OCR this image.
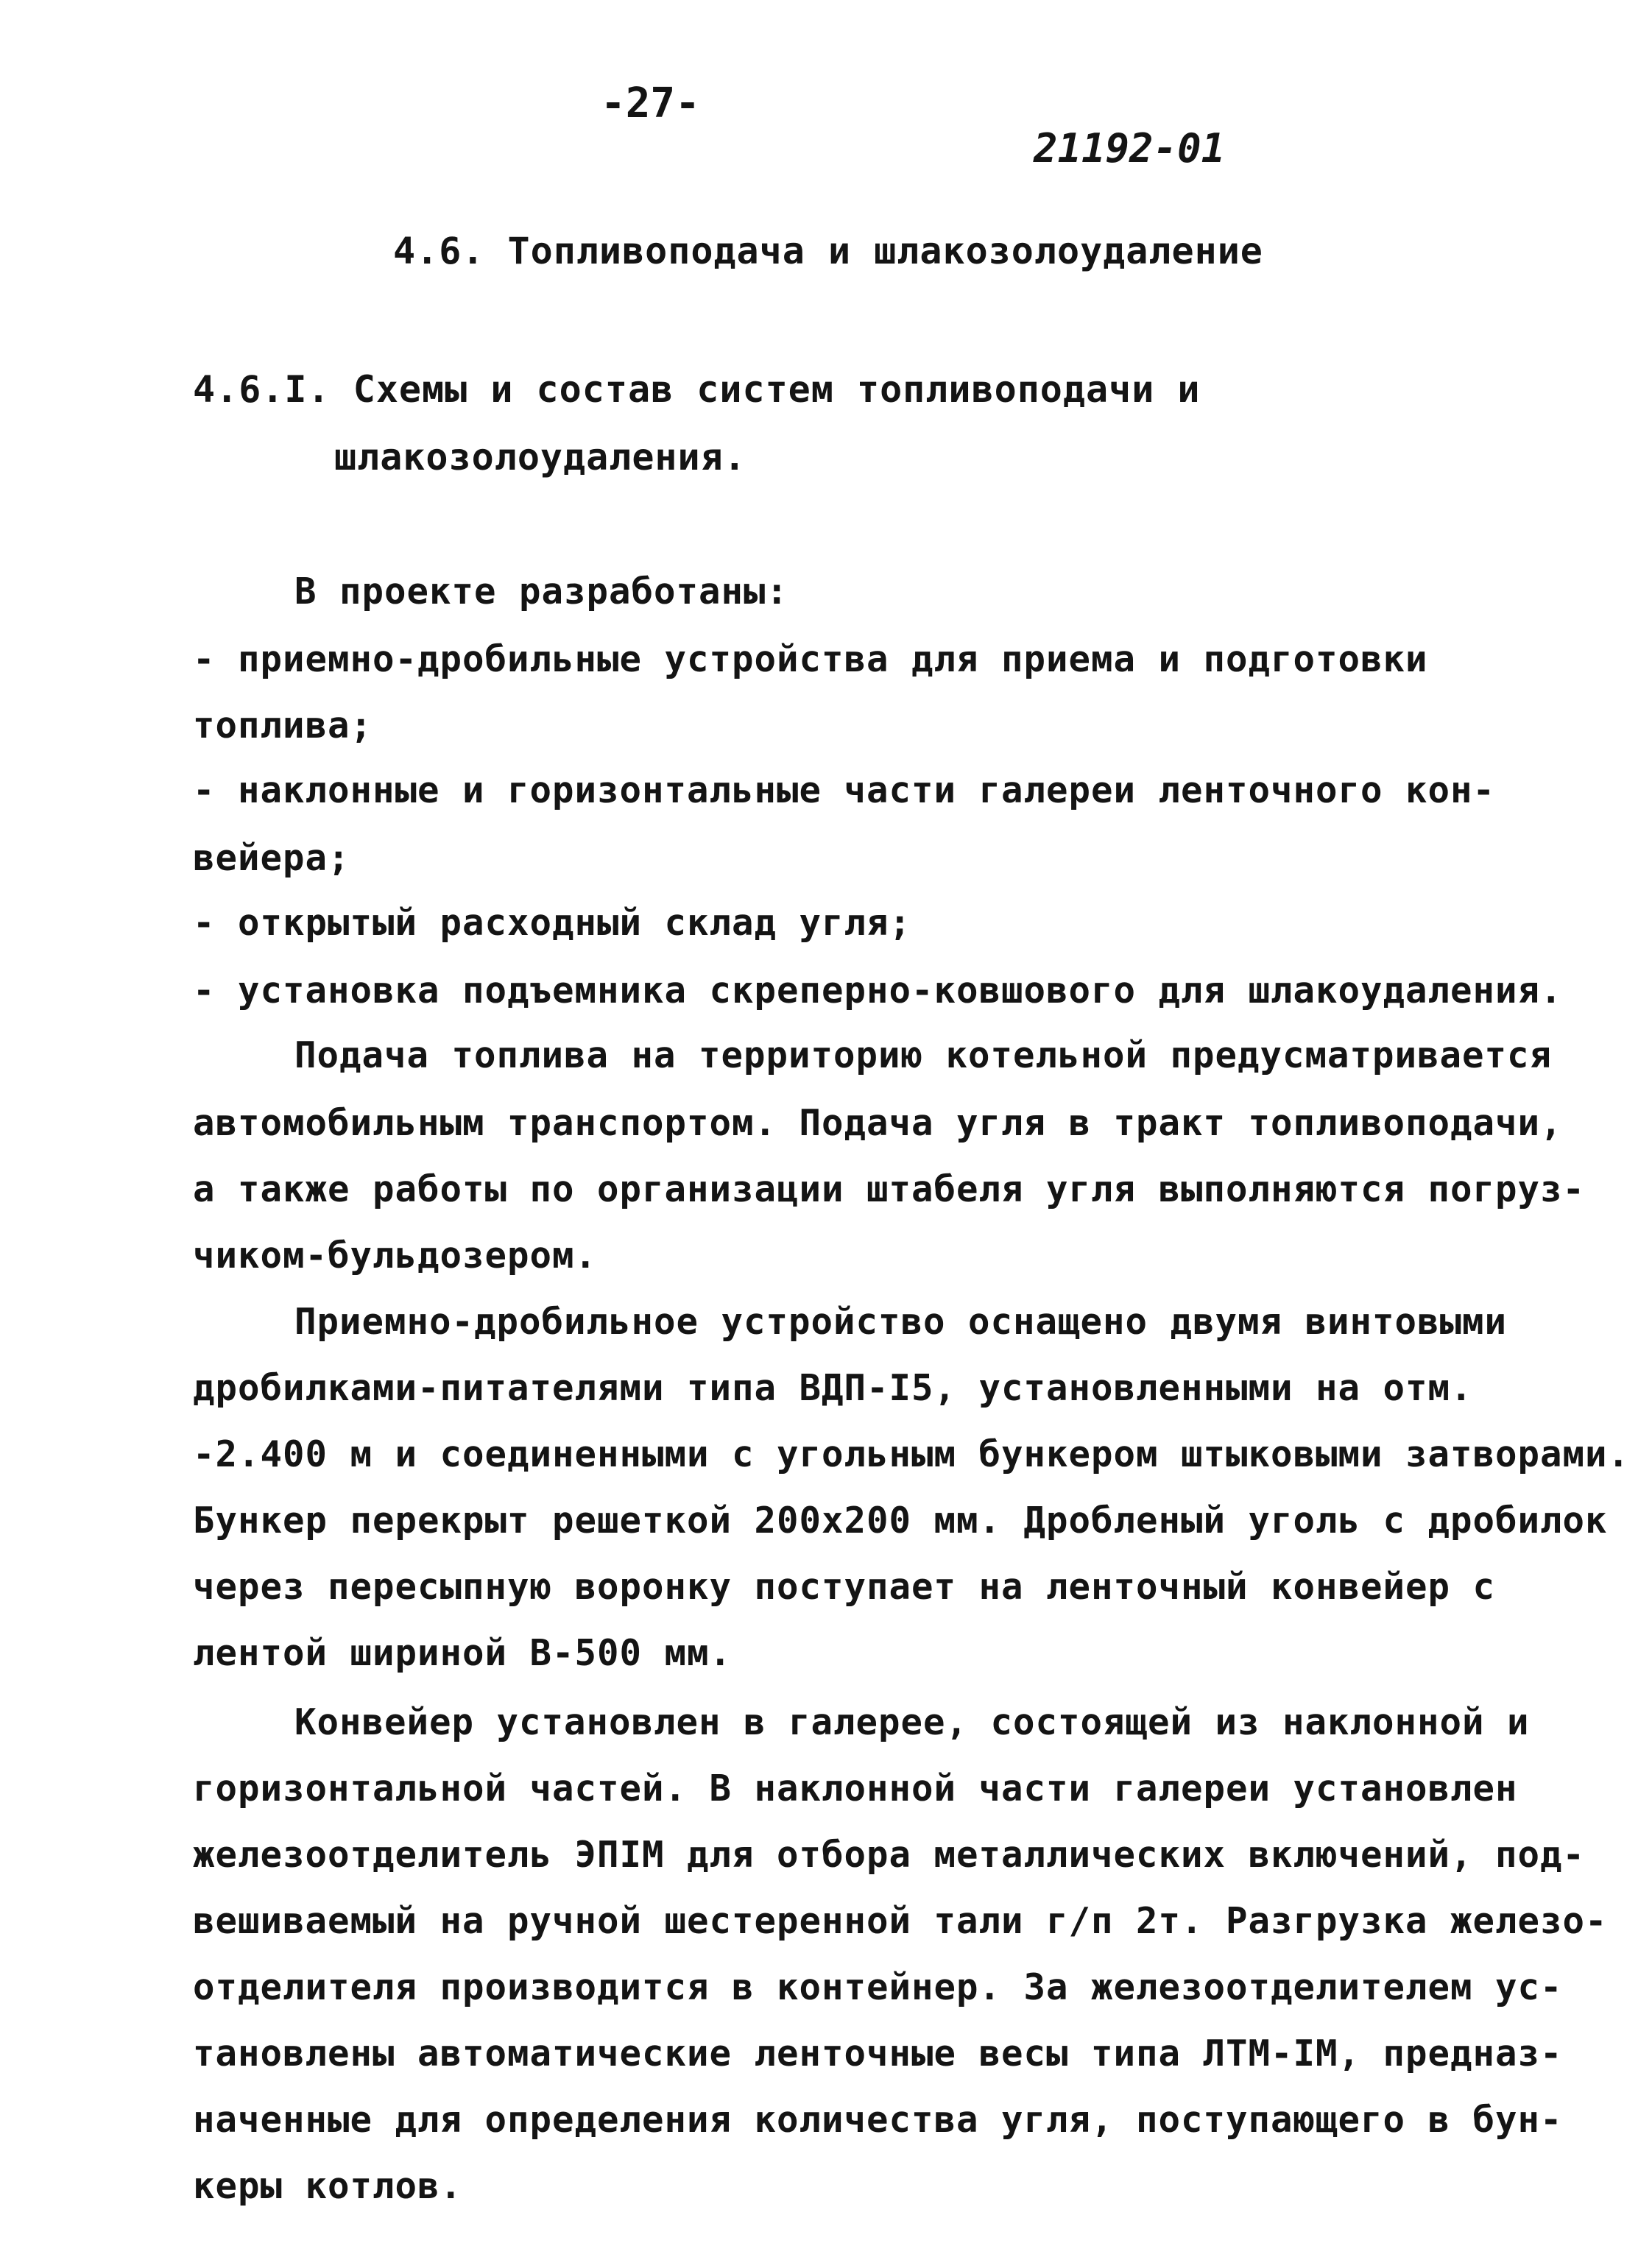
-27-
21192-01
4.6. Топливоподача и шлакозолоудаление
4.6.I. Схемы и состав систем топливоподачи и
шлакозолоудаления.
В проекте разработаны:
- приемно-дробильные устройства для приема и подготовки
топлива;
- наклонные и горизонтальные части галереи ленточного кон-
вейера;
- открытый расходный склад угля;
- установка подъемника скреперно-ковшового для шлакоудаления.
Подача топлива на территорию котельной предусматривается
автомобильным транспортом. Подача угля в тракт топливоподачи,
а также работы по организации штабеля угля выполняются погруз-
чиком-бульдозером.
Приемно-дробильное устройство оснащено двумя винтовыми
дробилками-питателями типа ВДП-I5, установленными на отм.
-2.400 м и соединенными с угольным бункером штыковыми затворами.
Бункер перекрыт решеткой 200х200 мм. Дробленый уголь с дробилок
через пересыпную воронку поступает на ленточный конвейер с
лентой шириной В-500 мм.
Конвейер установлен в галерее, состоящей из наклонной и
горизонтальной частей. В наклонной части галереи установлен
железоотделитель ЭПIМ для отбора металлических включений, под-
вешиваемый на ручной шестеренной тали г/п 2т. Разгрузка железо-
отделителя производится в контейнер. За железоотделителем ус-
тановлены автоматические ленточные весы типа ЛТМ-IМ, предназ-
наченные для определения количества угля, поступающего в бун-
керы котлов.
